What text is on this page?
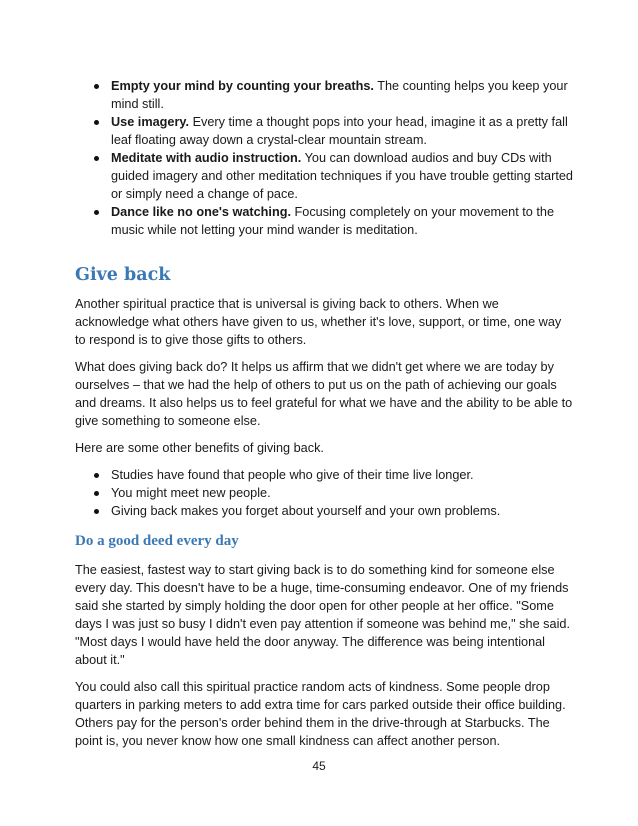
Empty your mind by counting your breaths. The counting helps you keep your mind still.
Use imagery. Every time a thought pops into your head, imagine it as a pretty fall leaf floating away down a crystal-clear mountain stream.
Meditate with audio instruction. You can download audios and buy CDs with guided imagery and other meditation techniques if you have trouble getting started or simply need a change of pace.
Dance like no one's watching. Focusing completely on your movement to the music while not letting your mind wander is meditation.
Give back

Another spiritual practice that is universal is giving back to others. When we acknowledge what others have given to us, whether it's love, support, or time, one way to respond is to give those gifts to others.

What does giving back do? It helps us affirm that we didn't get where we are today by ourselves – that we had the help of others to put us on the path of achieving our goals and dreams. It also helps us to feel grateful for what we have and the ability to be able to give something to someone else.

Here are some other benefits of giving back.

Studies have found that people who give of their time live longer.
You might meet new people.
Giving back makes you forget about yourself and your own problems.
Do a good deed every day

The easiest, fastest way to start giving back is to do something kind for someone else every day. This doesn't have to be a huge, time-consuming endeavor. One of my friends said she started by simply holding the door open for other people at her office. "Some days I was just so busy I didn't even pay attention if someone was behind me," she said. "Most days I would have held the door anyway. The difference was being intentional about it."

You could also call this spiritual practice random acts of kindness. Some people drop quarters in parking meters to add extra time for cars parked outside their office building. Others pay for the person's order behind them in the drive-through at Starbucks. The point is, you never know how one small kindness can affect another person.

45
